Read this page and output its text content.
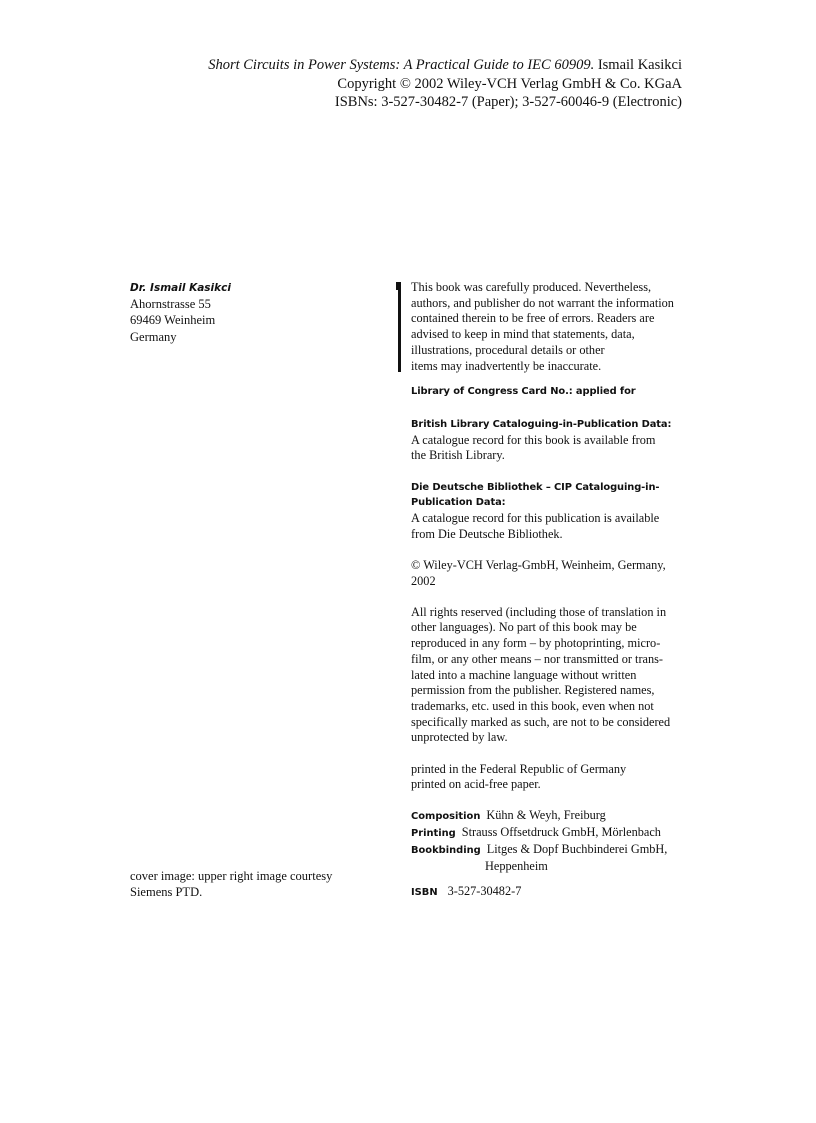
Short Circuits in Power Systems: A Practical Guide to IEC 60909. Ismail Kasikci
Copyright © 2002 Wiley-VCH Verlag GmbH & Co. KGaA
ISBNs: 3-527-30482-7 (Paper); 3-527-60046-9 (Electronic)
Dr. Ismail Kasikci
Ahornstrasse 55
69469 Weinheim
Germany
cover image: upper right image courtesy
Siemens PTD.
This book was carefully produced. Nevertheless,
authors, and publisher do not warrant the information
contained therein to be free of errors. Readers are
advised to keep in mind that statements, data,
illustrations, procedural details or other
items may inadvertently be inaccurate.
Library of Congress Card No.: applied for
British Library Cataloguing-in-Publication Data:
A catalogue record for this book is available from
the British Library.
Die Deutsche Bibliothek – CIP Cataloguing-in-
Publication Data:
A catalogue record for this publication is available
from Die Deutsche Bibliothek.
© Wiley-VCH Verlag-GmbH, Weinheim, Germany,
2002
All rights reserved (including those of translation in
other languages). No part of this book may be
reproduced in any form – by photoprinting, micro-
film, or any other means – nor transmitted or trans-
lated into a machine language without written
permission from the publisher. Registered names,
trademarks, etc. used in this book, even when not
specifically marked as such, are not to be considered
unprotected by law.
printed in the Federal Republic of Germany
printed on acid-free paper.
Composition Kühn & Weyh, Freiburg
Printing Strauss Offsetdruck GmbH, Mörlenbach
Bookbinding Litges & Dopf Buchbinderei GmbH,
Heppenheim
ISBN 3-527-30482-7
